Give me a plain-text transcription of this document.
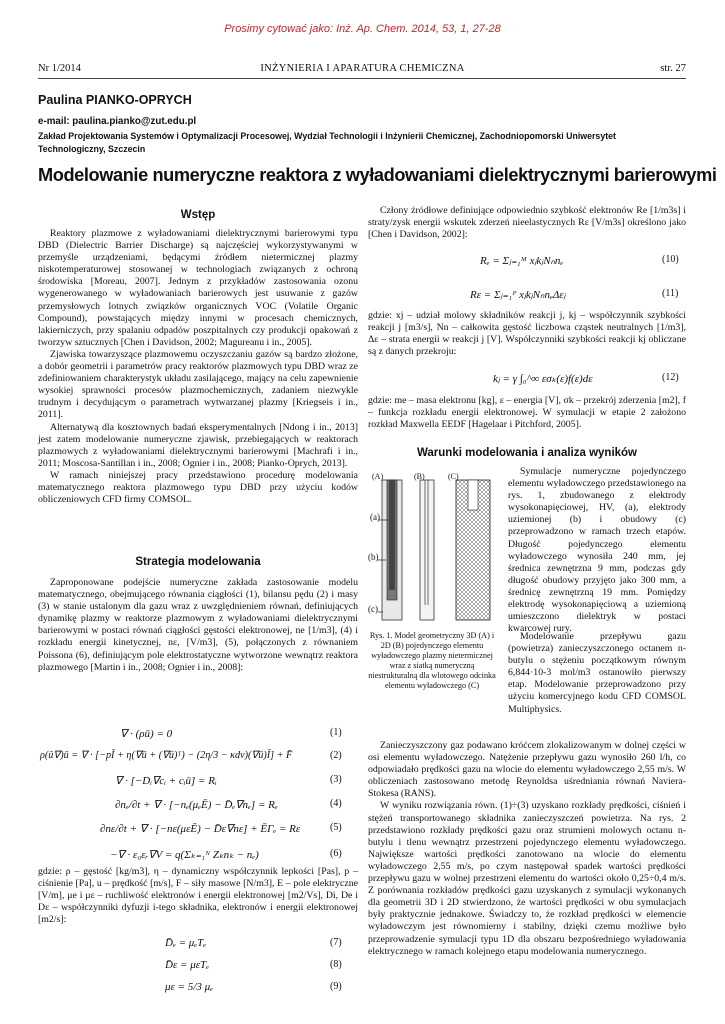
Prosimy cytować jako: Inż. Ap. Chem. 2014, 53, 1, 27-28
Nr 1/2014	INŻYNIERIA I APARATURA CHEMICZNA	str. 27
Paulina PIANKO-OPRYCH
e-mail: paulina.pianko@zut.edu.pl
Zakład Projektowania Systemów i Optymalizacji Procesowej, Wydział Technologii i Inżynierii Chemicznej, Zachodniopomorski Uniwersytet Technologiczny, Szczecin
Modelowanie numeryczne reaktora z wyładowaniami dielektrycznymi barierowymi
Wstęp

Reaktory plazmowe z wyładowaniami dielektrycznymi barierowymi typu DBD (Dielectric Barrier Discharge) są najczęściej wykorzystywanymi w przemyśle urządzeniami, będącymi źródłem nietermicznej plazmy niskotemperaturowej stosowanej w technologiach związanych z ochroną środowiska [Moreau, 2007]. Jednym z przykładów zastosowania ozonu wygenerowanego w wyładowaniach barierowych jest usuwanie z gazów przemysłowych lotnych związków organicznych VOC (Volatile Organic Compound), powstających między innymi w procesach chemicznych, lakierniczych, przy spalaniu odpadów poszpitalnych czy produkcji opakowań z tworzyw sztucznych [Chen i Davidson, 2002; Magureanu i in., 2005].

Zjawiska towarzyszące plazmowemu oczyszczaniu gazów są bardzo złożone, a dobór geometrii i parametrów pracy reaktorów plazmowych typu DBD wraz ze zdefiniowaniem charakterystyk układu zasilającego, mający na celu zapewnienie wysokiej sprawności procesów plazmochemicznych, zadaniem niezwykle trudnym i decydującym o parametrach wytwarzanej plazmy [Kriegseis i in., 2011].

Alternatywą dla kosztownych badań eksperymentalnych [Ndong i in., 2013] jest zatem modelowanie numeryczne zjawisk, przebiegających w reaktorach plazmowych z wyładowaniami dielektrycznymi barierowymi [Machrafi i in., 2011; Moscosa-Santillan i in., 2008; Ognier i in., 2008; Pianko-Oprych, 2013].

W ramach niniejszej pracy przedstawiono procedurę modelowania matematycznego reaktora plazmowego typu DBD przy użyciu kodów obliczeniowych CFD firmy COMSOL.

Strategia modelowania

Zaproponowane podejście numeryczne zakłada zastosowanie modelu matematycznego, obejmującego równania ciągłości (1), bilansu pędu (2) i masy (3) w stanie ustalonym dla gazu wraz z uwzględnieniem równań, definiujących dynamikę plazmy w reaktorze plazmowym z wyładowaniami dielektrycznymi barierowymi w postaci równań ciągłości gęstości elektronowej, ne [1/m3], (4) i rozkładu energii kinetycznej, nε, [V/m3], (5), połączonych z równaniem Poissona (6), definiującym pole elektrostatyczne wytworzone wewnątrz reaktora plazmowego [Martin i in., 2008; Ognier i in., 2008]:

∇ · (ρū) = 0	(1)
ρ(ū∇)ū = ∇ · [−pĪ + η(∇ū + (∇ū)ᵀ) − (2η/3 − κdv)(∇ū)Ī] + F̄	(2)
∇ · [−Dᵢ∇cᵢ + cᵢū] = Rᵢ	(3)
∂nₑ/∂t + ∇ · [−nₑ(μₑĒ) − D̄ₑ∇nₑ] = Rₑ	(4)
∂nε/∂t + ∇ · [−nε(μεĒ) − D̄ε∇nε] + ĒΓₑ = Rε	(5)
−∇ · ε₀εᵣ∇V = q(Σₖ₌₁ᴺ Zₖnₖ − nₑ)	(6)

gdzie: ρ – gęstość [kg/m3], η – dynamiczny współczynnik lepkości [Pas], p – ciśnienie [Pa], u – prędkość [m/s], F – siły masowe [N/m3], E – pole elektryczne [V/m], μe i με – ruchliwość elektronów i energii elektronowej [m2/Vs], Di, De i Dε – współczynniki dyfuzji i-tego składnika, elektronów i energii elektronowej [m2/s]:

D̄ₑ = μₑTₑ	(7)
D̄ε = μεTₑ	(8)
με = 5/3 μₑ	(9)

Człony źródłowe definiujące odpowiednio szybkość elektronów Re [1/m3s] i straty/zysk energii wskutek zderzeń nieelastycznych Rε [V/m3s] określono jako [Chen i Davidson, 2002]:

Rₑ = Σⱼ₌₁ᴹ xⱼkⱼNₙnₑ	(10)
Rε = Σⱼ₌₁ᴾ xⱼkⱼNₙnₑΔεⱼ	(11)

gdzie: xj – udział molowy składników reakcji j, kj – współczynnik szybkości reakcji j [m3/s], Nn – całkowita gęstość liczbowa cząstek neutralnych [1/m3], Δε – strata energii w reakcji j [V]. Współczynniki szybkości reakcji kj obliczane są z danych przekroju:

kⱼ = γ ∫₀^∞ εσₖ(ε)f(ε)dε	(12)

gdzie: me – masa elektronu [kg], ε – energia [V], σk – przekrój zderzenia [m2], f – funkcja rozkładu energii elektronowej. W symulacji w etapie 2 założono rozkład Maxwella EEDF [Hagelaar i Pitchford, 2005].

Warunki modelowania i analiza wyników
(A)	(B)	(C)
(a)
(b)
(c)
Rys. 1. Model geometryczny 3D (A) i 2D (B) pojedynczego elementu wyładowczego plazmy nietermicznej wraz z siatką numeryczną niestrukturalną dla wlotowego odcinka elementu wyładowczego (C)

Symulacje numeryczne pojedynczego elementu wyładowczego przedstawionego na rys. 1, zbudowanego z elektrody wysokonapięciowej, HV, (a), elektrody uziemionej (b) i obudowy (c) przeprowadzono w ramach trzech etapów. Długość pojedynczego elementu wyładowczego wynosiła 240 mm, jej średnica zewnętrzna 9 mm, podczas gdy długość obudowy przyjęto jako 300 mm, a średnicę zewnętrzną 19 mm. Pomiędzy elektrodę wysokonapięciową a uziemioną umieszczono dielektryk w postaci kwarcowej rury.

Modelowanie przepływu gazu (powietrza) zanieczyszczonego octanem n-butylu o stężeniu początkowym równym 6,844·10-3 mol/m3 ostanowiło pierwszy etap. Modelowanie przeprowadzono przy użyciu komercyjnego kodu CFD COMSOL Multiphysics.

Zanieczyszczony gaz podawano króćcem zlokalizowanym w dolnej części w osi elementu wyładowczego. Natężenie przepływu gazu wynosiło 260 l/h, co odpowiadało prędkości gazu na wlocie do elementu wyładowczego 2,55 m/s. W obliczeniach zastosowano metodę Reynoldsa uśredniania równań Naviera-Stokesa (RANS).

W wyniku rozwiązania równ. (1)÷(3) uzyskano rozkłady prędkości, ciśnień i stężeń transportowanego składnika zanieczyszczeń powietrza. Na rys. 2 przedstawiono rozkłady prędkości gazu oraz strumieni molowych octanu n-butylu i tlenu wewnątrz przestrzeni pojedynczego elementu wyładowczego. Największe wartości prędkości zanotowano na wlocie do elementu wyładowczego 2,55 m/s, po czym następował spadek wartości prędkości przepływu gazu w wolnej przestrzeni elementu do wartości około 0,25÷0,4 m/s. Z porównania rozkładów prędkości gazu uzyskanych z symulacji wykonanych dla geometrii 3D i 2D stwierdzono, że wartości prędkości w obu symulacjach były praktycznie jednakowe. Świadczy to, że rozkład prędkości w elemencie wyładowczym jest równomierny i stabilny, dzięki czemu możliwe było przeprowadzenie symulacji typu 1D dla obszaru bezpośredniego wyładowania elektrycznego w ramach kolejnego etapu modelowania numerycznego.
